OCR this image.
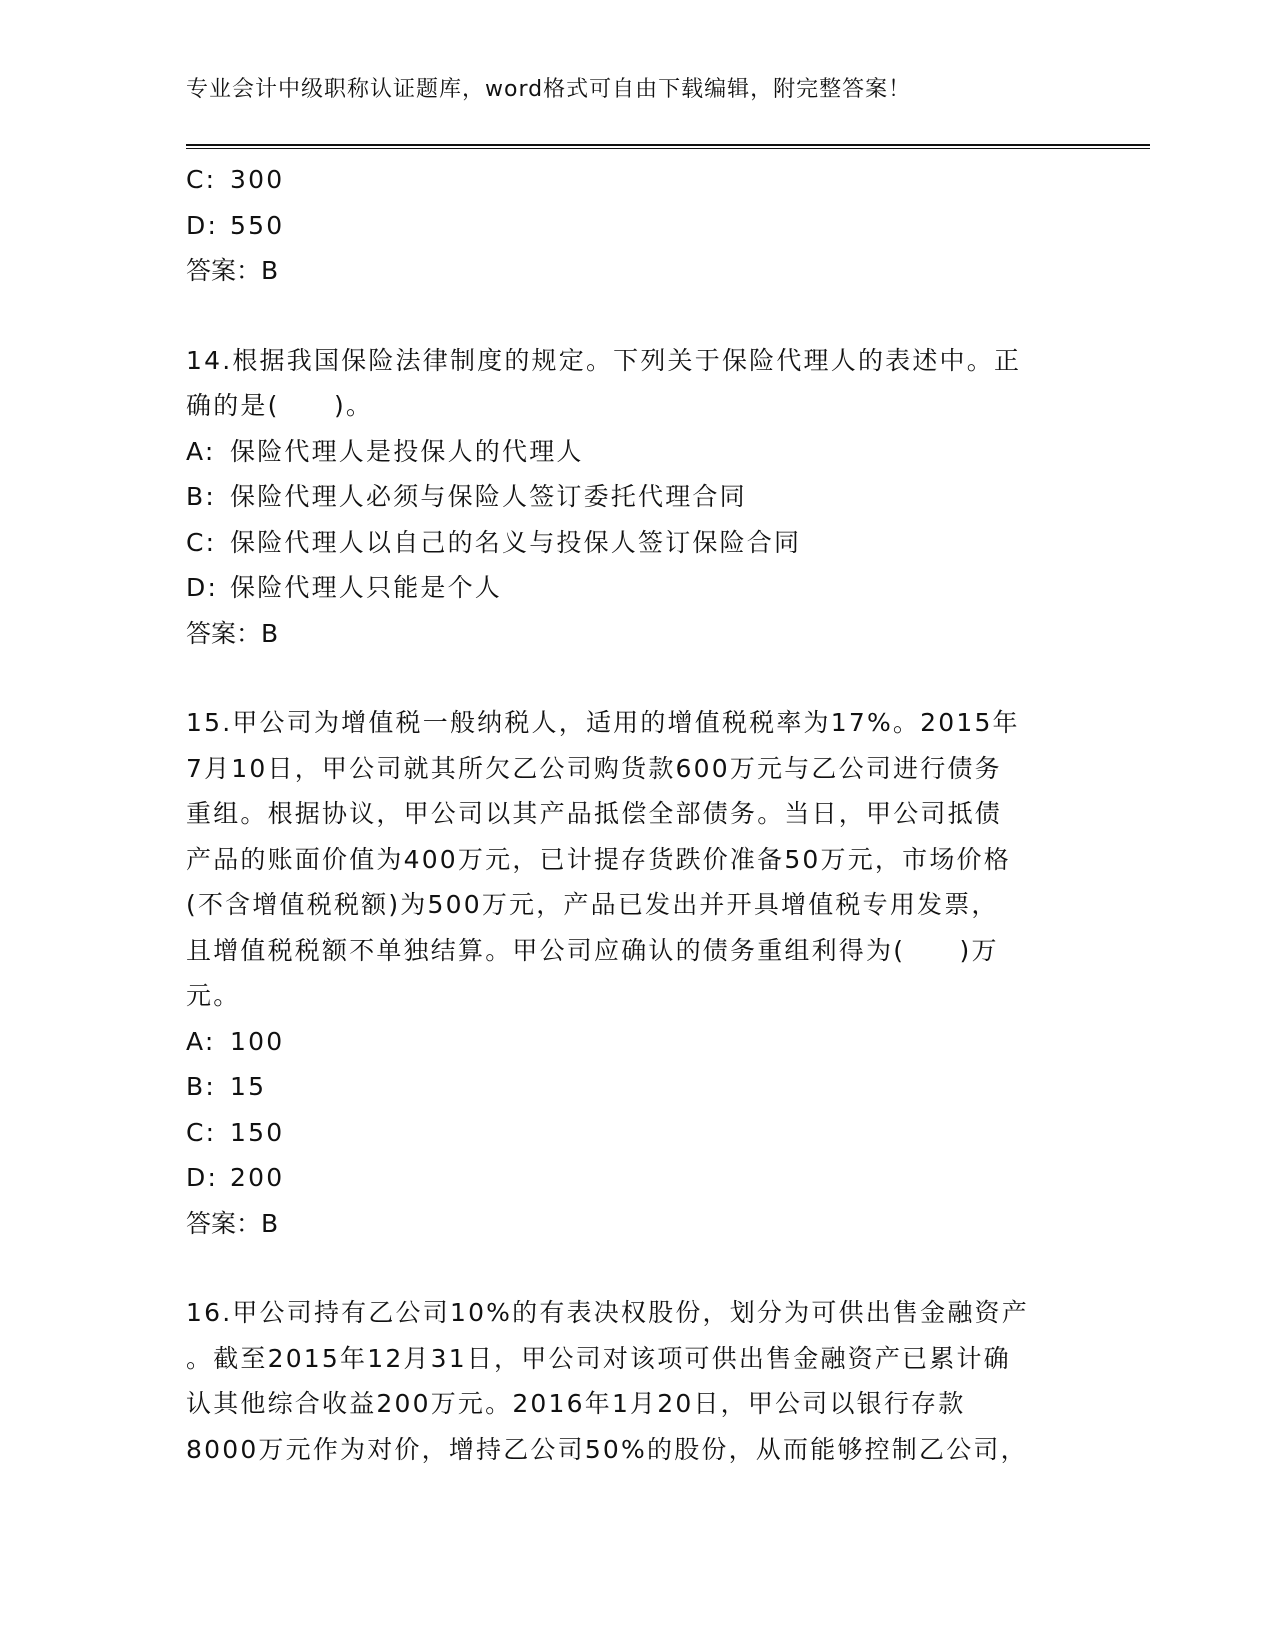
专业会计中级职称认证题库，word格式可自由下载编辑，附完整答案！
C: 300
D: 550
答案：B
14.根据我国保险法律制度的规定。下列关于保险代理人的表述中。正
确的是(　　)。
A: 保险代理人是投保人的代理人
B: 保险代理人必须与保险人签订委托代理合同
C: 保险代理人以自己的名义与投保人签订保险合同
D: 保险代理人只能是个人
答案：B
15.甲公司为增值税一般纳税人，适用的增值税税率为17%。2015年
7月10日，甲公司就其所欠乙公司购货款600万元与乙公司进行债务
重组。根据协议，甲公司以其产品抵偿全部债务。当日，甲公司抵债
产品的账面价值为400万元，已计提存货跌价准备50万元，市场价格
(不含增值税税额)为500万元，产品已发出并开具增值税专用发票，
且增值税税额不单独结算。甲公司应确认的债务重组利得为(　　)万
元。
A: 100
B: 15
C: 150
D: 200
答案：B
16.甲公司持有乙公司10%的有表决权股份，划分为可供出售金融资产
。截至2015年12月31日，甲公司对该项可供出售金融资产已累计确
认其他综合收益200万元。2016年1月20日，甲公司以银行存款
8000万元作为对价，增持乙公司50%的股份，从而能够控制乙公司，
